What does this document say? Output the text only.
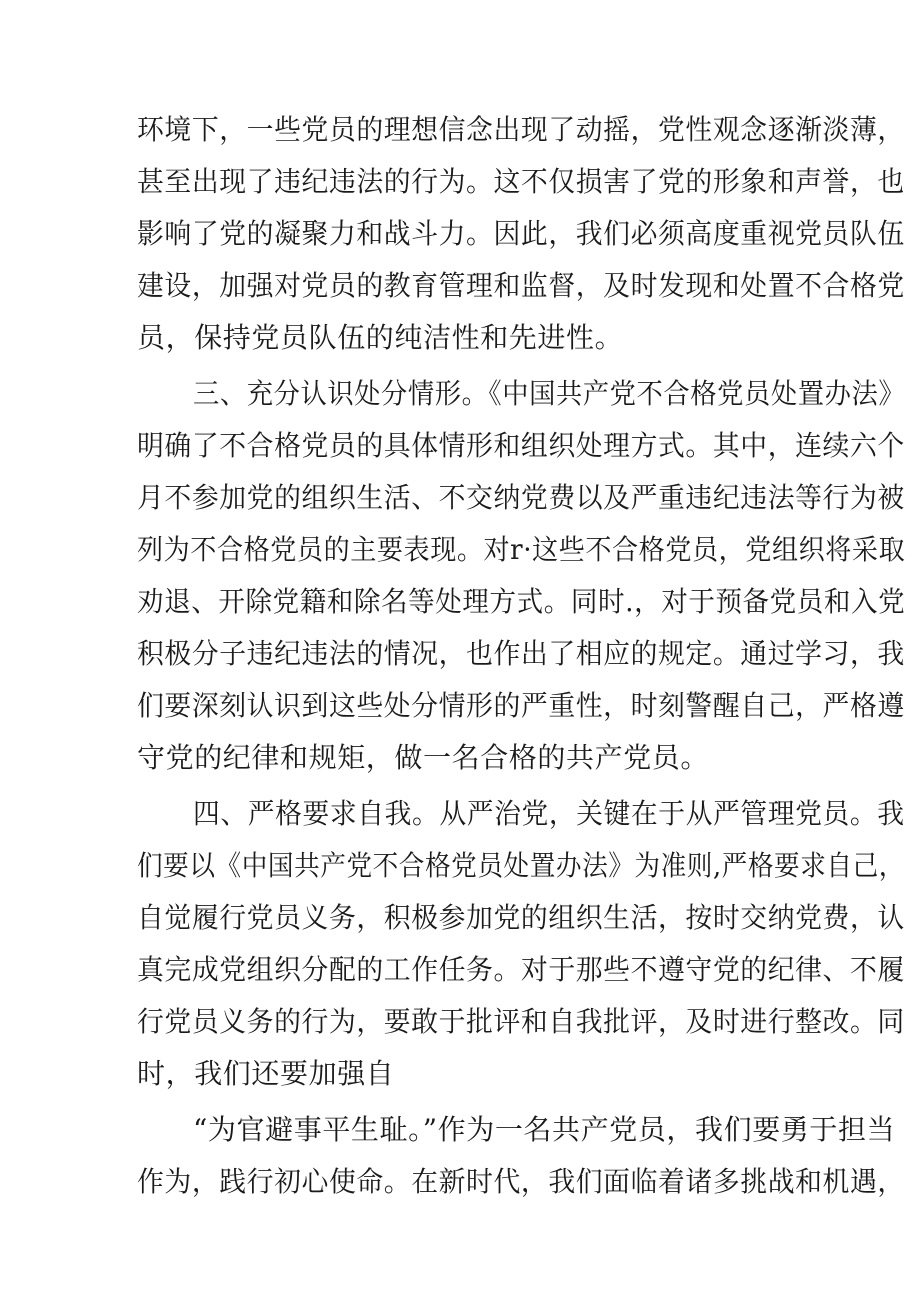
环境下，一些党员的理想信念出现了动摇，党性观念逐渐淡薄，
甚至出现了违纪违法的行为。这不仅损害了党的形象和声誉，也
影响了党的凝聚力和战斗力。因此，我们必须高度重视党员队伍
建设，加强对党员的教育管理和监督，及时发现和处置不合格党
员，保持党员队伍的纯洁性和先进性。
三、充分认识处分情形。《中国共产党不合格党员处置办法》
明确了不合格党员的具体情形和组织处理方式。其中，连续六个
月不参加党的组织生活、不交纳党费以及严重违纪违法等行为被
列为不合格党员的主要表现。对r·这些不合格党员，党组织将采取
劝退、开除党籍和除名等处理方式。同时.，对于预备党员和入党
积极分子违纪违法的情况，也作出了相应的规定。通过学习，我
们要深刻认识到这些处分情形的严重性，时刻警醒自己，严格遵
守党的纪律和规矩，做一名合格的共产党员。
四、严格要求自我。从严治党，关键在于从严管理党员。我
们要以《中国共产党不合格党员处置办法》为准则,严格要求自己，
自觉履行党员义务，积极参加党的组织生活，按时交纳党费，认
真完成党组织分配的工作任务。对于那些不遵守党的纪律、不履
行党员义务的行为，要敢于批评和自我批评，及时进行整改。同
时，我们还要加强自
“为官避事平生耻。”作为一名共产党员，我们要勇于担当
作为，践行初心使命。在新时代，我们面临着诸多挑战和机遇，
